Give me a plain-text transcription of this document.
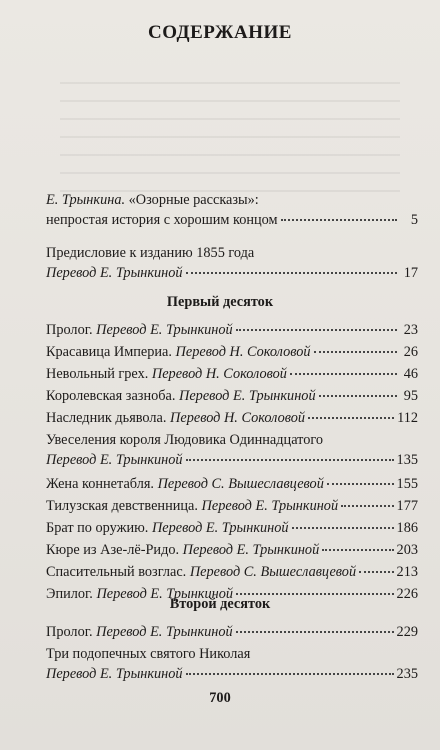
СОДЕРЖАНИЕ
Е. Трынкина. «Озорные рассказы»:
непростая история с хорошим концом	5
Предисловие к изданию 1855 года
Перевод Е. Трынкиной	17
Первый десяток
Пролог. Перевод Е. Трынкиной	23
Красавица Империа. Перевод Н. Соколовой	26
Невольный грех. Перевод Н. Соколовой	46
Королевская зазноба. Перевод Е. Трынкиной	95
Наследник дьявола. Перевод Н. Соколовой	112
Увеселения короля Людовика Одиннадцатого
Перевод Е. Трынкиной	135
Жена коннетабля. Перевод С. Вышеславцевой	155
Тилузская девственница. Перевод Е. Трынкиной	177
Брат по оружию. Перевод Е. Трынкиной	186
Кюре из Азе-лё-Ридо. Перевод Е. Трынкиной	203
Спасительный возглас. Перевод С. Вышеславцевой	213
Эпилог. Перевод Е. Трынкиной	226
Второй десяток
Пролог. Перевод Е. Трынкиной	229
Три подопечных святого Николая
Перевод Е. Трынкиной	235
700
